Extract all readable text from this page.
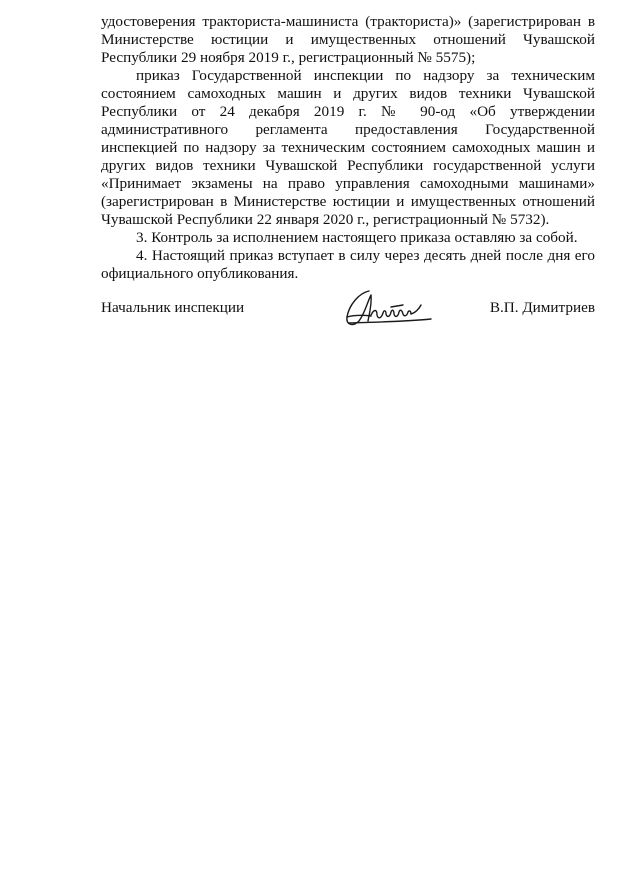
удостоверения тракториста-машиниста (тракториста)» (зарегистрирован в Министерстве юстиции и имущественных отношений Чувашской Республики 29 ноября 2019 г., регистрационный № 5575);

приказ Государственной инспекции по надзору за техническим состоянием самоходных машин и других видов техники Чувашской Республики от 24 декабря 2019 г. № 90-од «Об утверждении административного регламента предоставления Государственной инспекцией по надзору за техническим состоянием самоходных машин и других видов техники Чувашской Республики государственной услуги «Принимает экзамены на право управления самоходными машинами» (зарегистрирован в Министерстве юстиции и имущественных отношений Чувашской Республики 22 января 2020 г., регистрационный № 5732).

3. Контроль за исполнением настоящего приказа оставляю за собой.

4. Настоящий приказ вступает в силу через десять дней после дня его официального опубликования.

Начальник инспекции	В.П. Димитриев
